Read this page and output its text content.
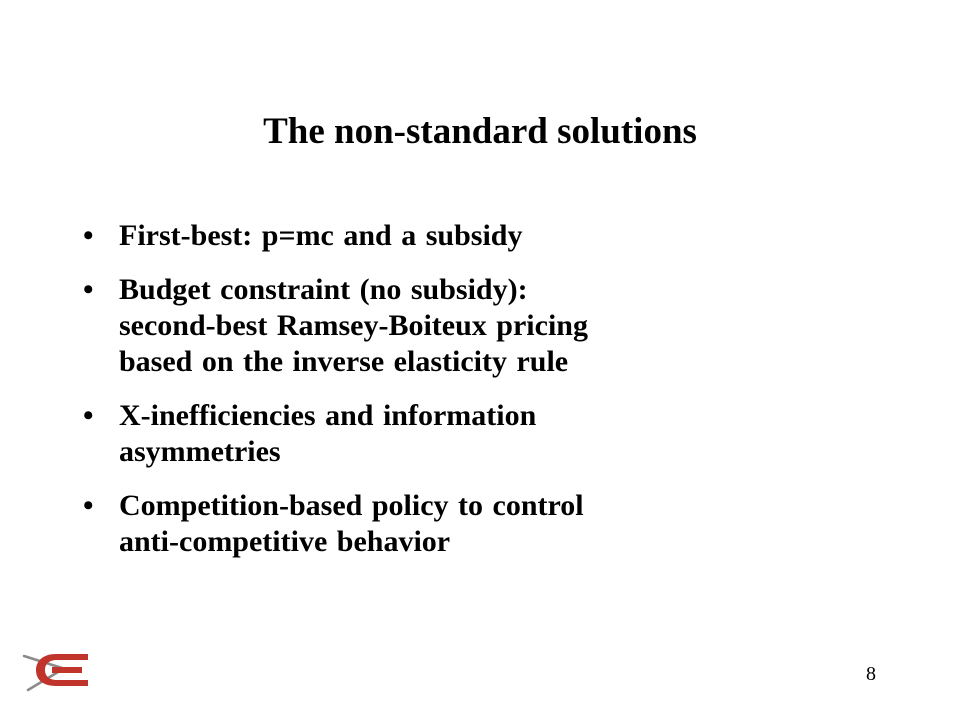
The non-standard solutions
• First-best: p=mc and a subsidy
• Budget constraint (no subsidy):
second-best Ramsey-Boiteux pricing
based on the inverse elasticity rule
• X-inefficiencies and information
asymmetries
• Competition-based policy to control
anti-competitive behavior
8
